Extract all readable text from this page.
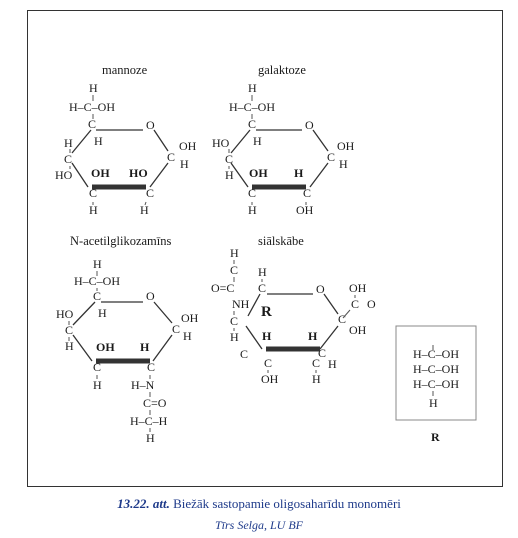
mannoze
H
H–C–OH
C
H
O
H
C
HO OH HO
C	C
H	H
C
OH
H
galaktoze
H
H–C–OH
C
H
O
HO
C
H OH H
C	C
H	OH
C
OH
H
N-acetilglikozamīns
H
H–C–OH
C
H
O
HO
C
H OH H
C	C
H H–N
C=O
H–C–H
H
C
OH
H
siālskābe
H
C
O=C
NH
C
H
H
C
R
O OH
C O
C
OH
H
C
H
C
H
C
OH
C
H
H–C–OH
H–C–OH
H–C–OH
H
R
13.22. att. Biežāk sastopamie oligosaharīdu monomēri
Tīrs Selga, LU BF
